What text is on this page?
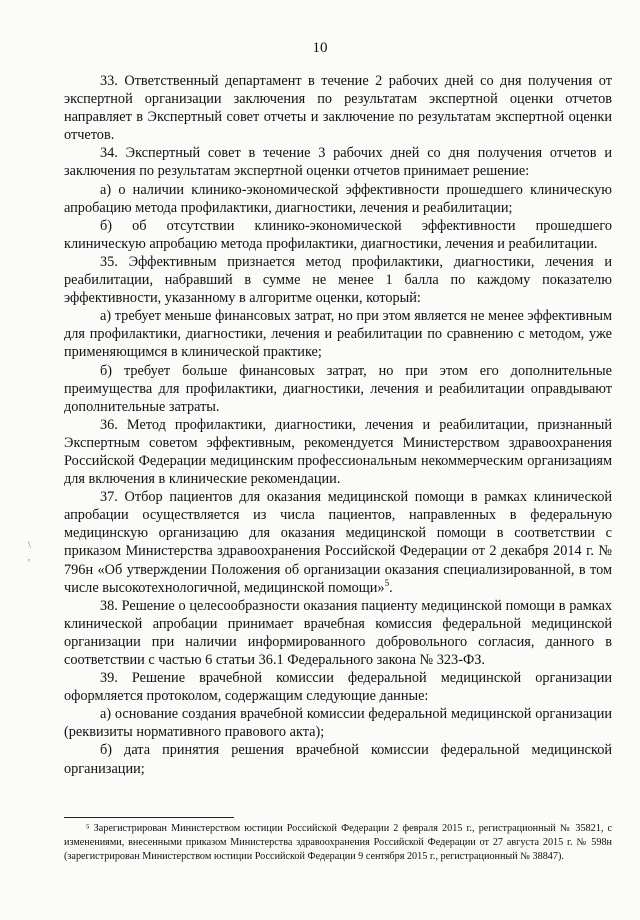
10
\
'

33. Ответственный департамент в течение 2 рабочих дней со дня получения от экспертной организации заключения по результатам экспертной оценки отчетов направляет в Экспертный совет отчеты и заключение по результатам экспертной оценки отчетов.

34. Экспертный совет в течение 3 рабочих дней со дня получения отчетов и заключения по результатам экспертной оценки отчетов принимает решение:

а) о наличии клинико-экономической эффективности прошедшего клиническую апробацию метода профилактики, диагностики, лечения и реабилитации;

б) об отсутствии клинико-экономической эффективности прошедшего клиническую апробацию метода профилактики, диагностики, лечения и реабилитации.

35. Эффективным признается метод профилактики, диагностики, лечения и реабилитации, набравший в сумме не менее 1 балла по каждому показателю эффективности, указанному в алгоритме оценки, который:

а) требует меньше финансовых затрат, но при этом является не менее эффективным для профилактики, диагностики, лечения и реабилитации по сравнению с методом, уже применяющимся в клинической практике;

б) требует больше финансовых затрат, но при этом его дополнительные преимущества для профилактики, диагностики, лечения и реабилитации оправдывают дополнительные затраты.

36. Метод профилактики, диагностики, лечения и реабилитации, признанный Экспертным советом эффективным, рекомендуется Министерством здравоохранения Российской Федерации медицинским профессиональным некоммерческим организациям для включения в клинические рекомендации.

37. Отбор пациентов для оказания медицинской помощи в рамках клинической апробации осуществляется из числа пациентов, направленных в федеральную медицинскую организацию для оказания медицинской помощи в соответствии с приказом Министерства здравоохранения Российской Федерации от 2 декабря 2014 г. № 796н «Об утверждении Положения об организации оказания специализированной, в том числе высокотехнологичной, медицинской помощи»$^5$.

38. Решение о целесообразности оказания пациенту медицинской помощи в рамках клинической апробации принимает врачебная комиссия федеральной медицинской организации при наличии информированного добровольного согласия, данного в соответствии с частью 6 статьи 36.1 Федерального закона № 323-ФЗ.

39. Решение врачебной комиссии федеральной медицинской организации оформляется протоколом, содержащим следующие данные:

а) основание создания врачебной комиссии федеральной медицинской организации (реквизиты нормативного правового акта);

б) дата принятия решения врачебной комиссии федеральной медицинской организации;

⁵ Зарегистрирован Министерством юстиции Российской Федерации 2 февраля 2015 г., регистрационный № 35821, с изменениями, внесенными приказом Министерства здравоохранения Российской Федерации от 27 августа 2015 г. № 598н (зарегистрирован Министерством юстиции Российской Федерации 9 сентября 2015 г., регистрационный № 38847).
